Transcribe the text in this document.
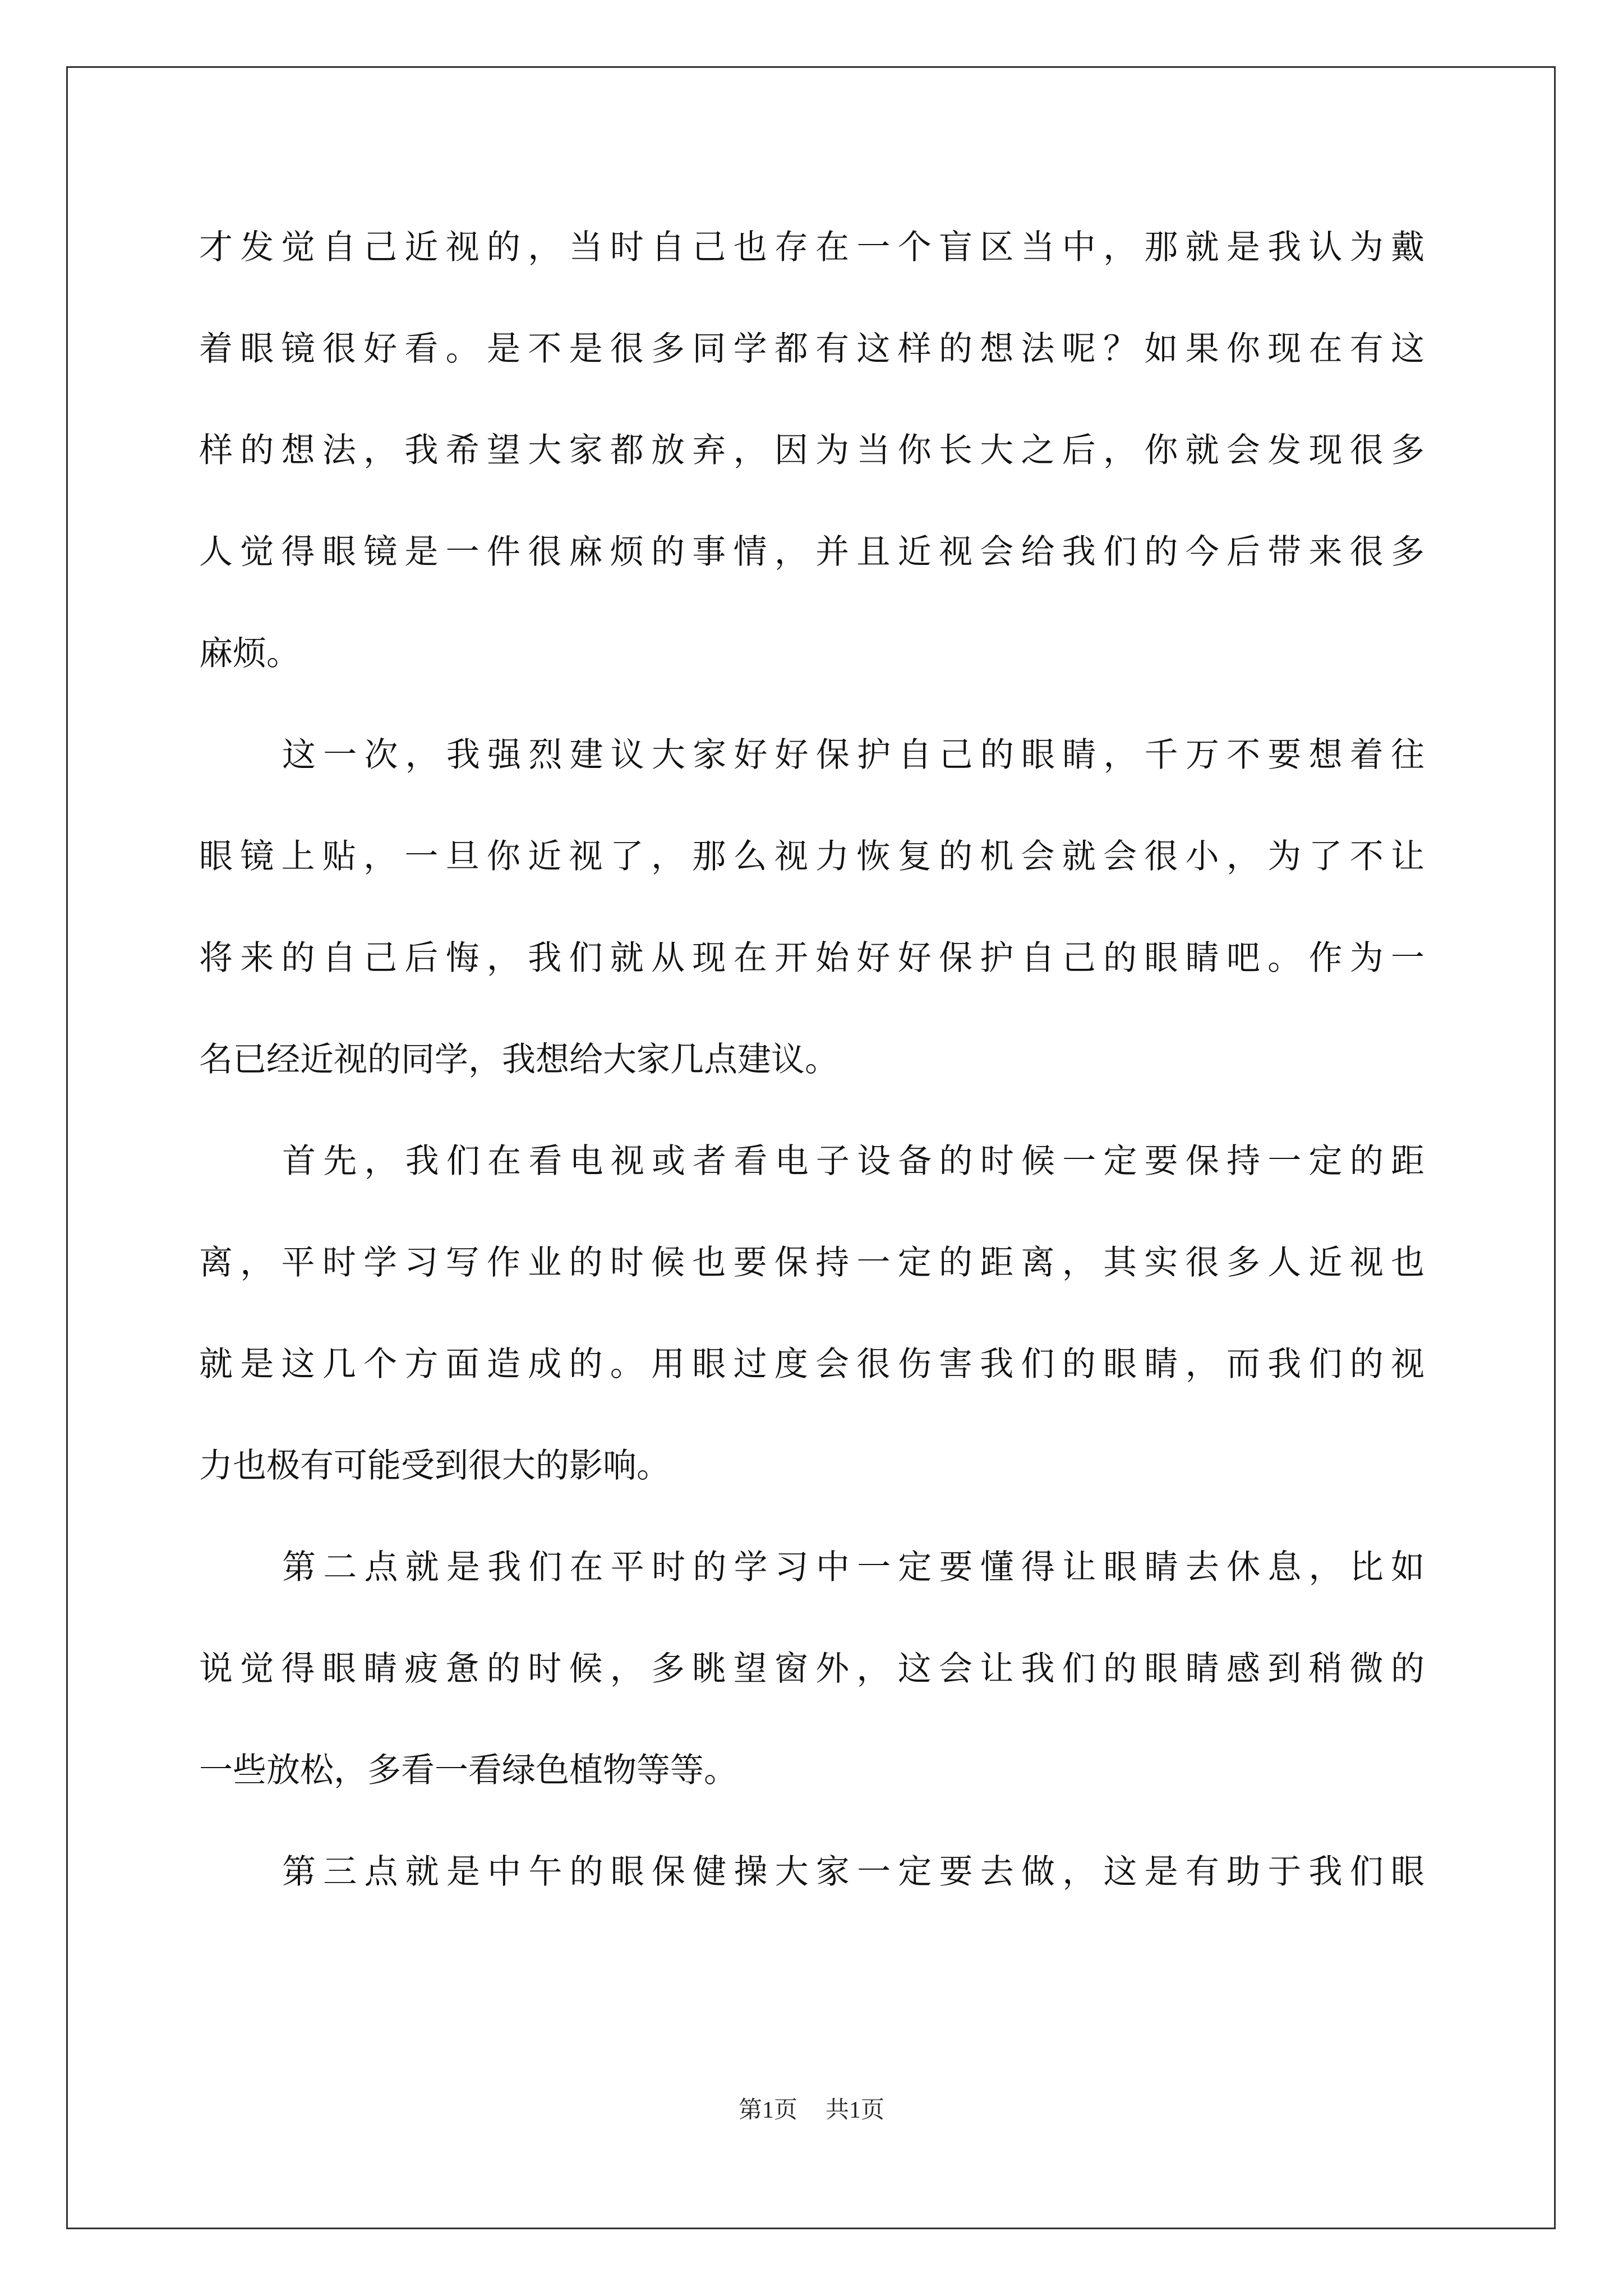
才发觉自己近视的，当时自己也存在一个盲区当中，那就是我认为戴
着眼镜很好看。是不是很多同学都有这样的想法呢？如果你现在有这
样的想法，我希望大家都放弃，因为当你长大之后，你就会发现很多
人觉得眼镜是一件很麻烦的事情，并且近视会给我们的今后带来很多
麻烦。

这一次，我强烈建议大家好好保护自己的眼睛，千万不要想着往
眼镜上贴，一旦你近视了，那么视力恢复的机会就会很小，为了不让
将来的自己后悔，我们就从现在开始好好保护自己的眼睛吧。作为一
名已经近视的同学，我想给大家几点建议。

首先，我们在看电视或者看电子设备的时候一定要保持一定的距
离，平时学习写作业的时候也要保持一定的距离，其实很多人近视也
就是这几个方面造成的。用眼过度会很伤害我们的眼睛，而我们的视
力也极有可能受到很大的影响。

第二点就是我们在平时的学习中一定要懂得让眼睛去休息，比如
说觉得眼睛疲惫的时候，多眺望窗外，这会让我们的眼睛感到稍微的
一些放松，多看一看绿色植物等等。

第三点就是中午的眼保健操大家一定要去做，这是有助于我们眼

第1页 共1页
